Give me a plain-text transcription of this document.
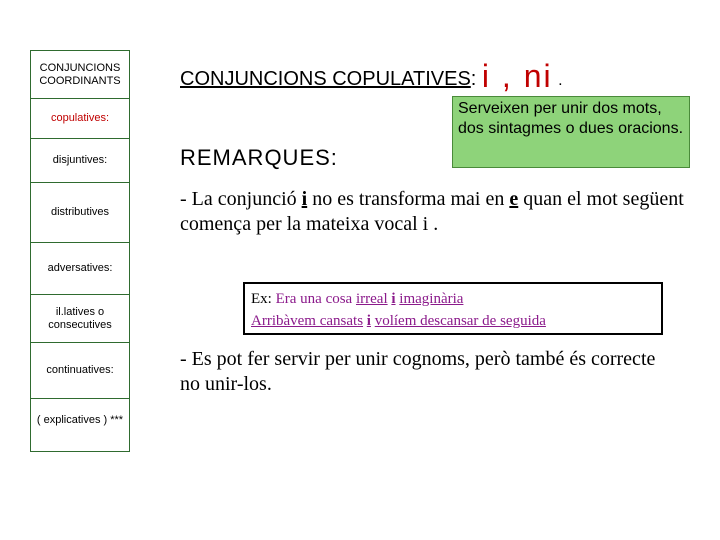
CONJUNCIONS COORDINANTS
copulatives:
disjuntives:
distributives
adversatives:
il.latives o consecutives
continuatives:
( explicatives ) ***
CONJUNCIONS COPULATIVES: i , ni .
Serveixen per unir dos mots, dos sintagmes o dues oracions.
REMARQUES:
- La conjunció i no es transforma mai en e quan el mot següent comença per la mateixa vocal i .
Ex: Era una cosa irreal i imaginària
Arribàvem cansats i volíem descansar de seguida
- Es pot fer servir per unir cognoms, però també és correcte no unir-los.
